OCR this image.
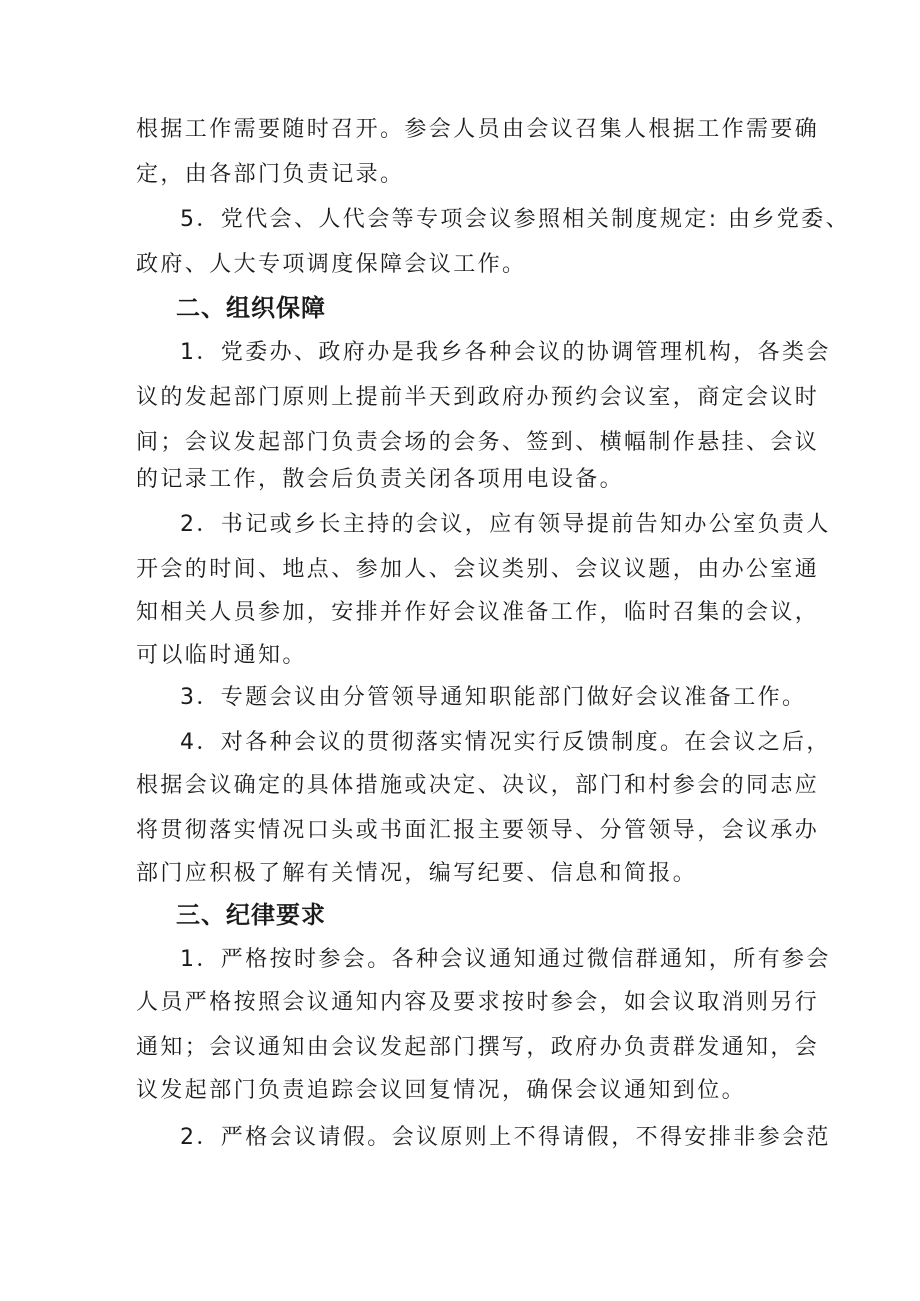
根据工作需要随时召开。参会人员由会议召集人根据工作需要确
定，由各部门负责记录。
5．党代会、人代会等专项会议参照相关制度规定: 由乡党委、
政府、人大专项调度保障会议工作。
二、组织保障
1．党委办、政府办是我乡各种会议的协调管理机构，各类会
议的发起部门原则上提前半天到政府办预约会议室，商定会议时
间；会议发起部门负责会场的会务、签到、横幅制作悬挂、会议
的记录工作，散会后负责关闭各项用电设备。
2．书记或乡长主持的会议，应有领导提前告知办公室负责人
开会的时间、地点、参加人、会议类别、会议议题，由办公室通
知相关人员参加，安排并作好会议准备工作，临时召集的会议，
可以临时通知。
3．专题会议由分管领导通知职能部门做好会议准备工作。
4．对各种会议的贯彻落实情况实行反馈制度。在会议之后，
根据会议确定的具体措施或决定、决议，部门和村参会的同志应
将贯彻落实情况口头或书面汇报主要领导、分管领导，会议承办
部门应积极了解有关情况，编写纪要、信息和简报。
三、纪律要求
1．严格按时参会。各种会议通知通过微信群通知，所有参会
人员严格按照会议通知内容及要求按时参会，如会议取消则另行
通知；会议通知由会议发起部门撰写，政府办负责群发通知，会
议发起部门负责追踪会议回复情况，确保会议通知到位。
2．严格会议请假。会议原则上不得请假，不得安排非参会范
